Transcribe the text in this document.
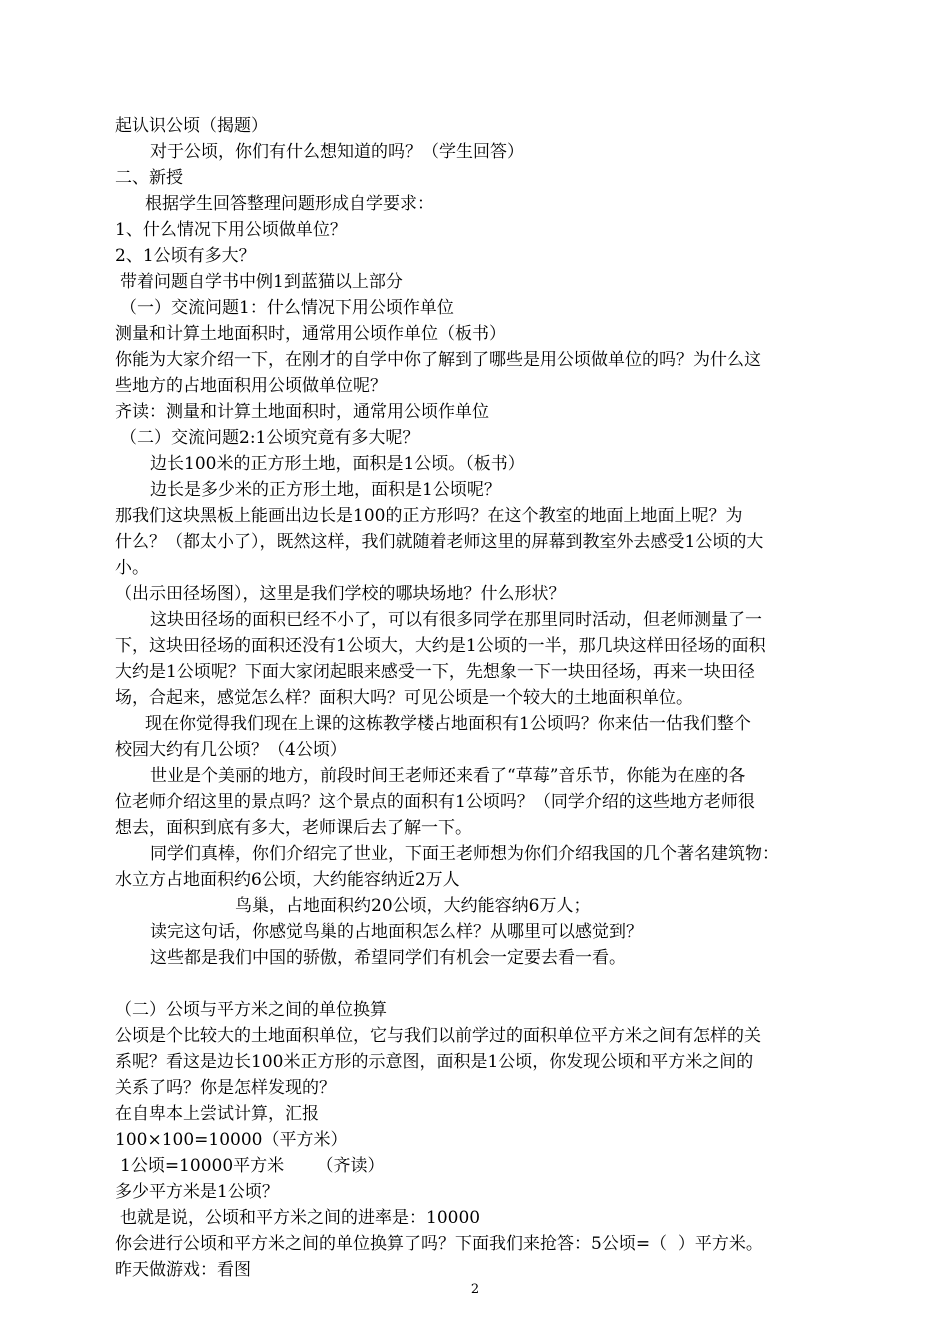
起认识公顷（揭题）
对于公顷，你们有什么想知道的吗？（学生回答）
二、新授
根据学生回答整理问题形成自学要求：
1、什么情况下用公顷做单位？
2、1公顷有多大？
带着问题自学书中例1到蓝猫以上部分
（一）交流问题1：什么情况下用公顷作单位
测量和计算土地面积时，通常用公顷作单位（板书）
你能为大家介绍一下，在刚才的自学中你了解到了哪些是用公顷做单位的吗？为什么这
些地方的占地面积用公顷做单位呢？
齐读：测量和计算土地面积时，通常用公顷作单位
（二）交流问题2:1公顷究竟有多大呢？
边长100米的正方形土地，面积是1公顷。（板书）
边长是多少米的正方形土地，面积是1公顷呢？
那我们这块黑板上能画出边长是100的正方形吗？在这个教室的地面上地面上呢？为
什么？（都太小了），既然这样，我们就随着老师这里的屏幕到教室外去感受1公顷的大
小。
（出示田径场图），这里是我们学校的哪块场地？什么形状？
这块田径场的面积已经不小了，可以有很多同学在那里同时活动，但老师测量了一
下，这块田径场的面积还没有1公顷大，大约是1公顷的一半，那几块这样田径场的面积
大约是1公顷呢？下面大家闭起眼来感受一下，先想象一下一块田径场，再来一块田径
场，合起来，感觉怎么样？面积大吗？可见公顷是一个较大的土地面积单位。
现在你觉得我们现在上课的这栋教学楼占地面积有1公顷吗？你来估一估我们整个
校园大约有几公顷？（4公顷）
世业是个美丽的地方，前段时间王老师还来看了“草莓”音乐节，你能为在座的各
位老师介绍这里的景点吗？这个景点的面积有1公顷吗？（同学介绍的这些地方老师很
想去，面积到底有多大，老师课后去了解一下。
同学们真棒，你们介绍完了世业，下面王老师想为你们介绍我国的几个著名建筑物：
水立方占地面积约6公顷，大约能容纳近2万人
鸟巢，占地面积约20公顷，大约能容纳6万人；
读完这句话，你感觉鸟巢的占地面积怎么样？从哪里可以感觉到？
这些都是我们中国的骄傲，希望同学们有机会一定要去看一看。
（二）公顷与平方米之间的单位换算
公顷是个比较大的土地面积单位，它与我们以前学过的面积单位平方米之间有怎样的关
系呢？看这是边长100米正方形的示意图，面积是1公顷，你发现公顷和平方米之间的
关系了吗？你是怎样发现的？
在自卑本上尝试计算，汇报
100×100=10000（平方米）
1公顷=10000平方米      （齐读）
多少平方米是1公顷？
也就是说，公顷和平方米之间的进率是：10000
你会进行公顷和平方米之间的单位换算了吗？下面我们来抢答：5公顷=（  ）平方米。
昨天做游戏：看图
2
